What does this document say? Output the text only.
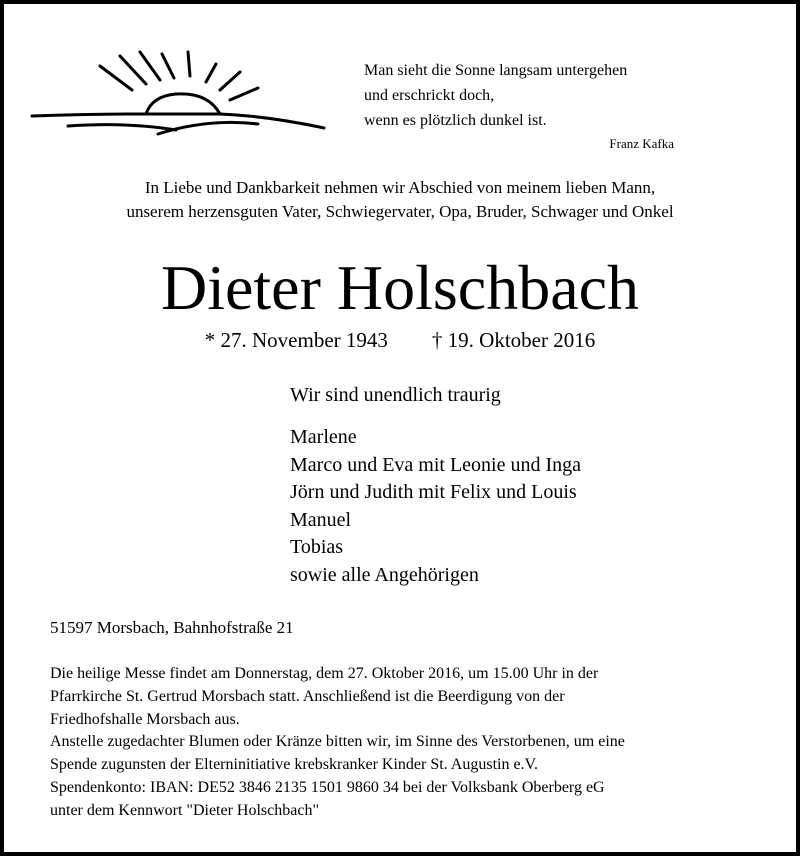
Man sieht die Sonne langsam untergehen
und erschrickt doch,
wenn es plötzlich dunkel ist.
Franz Kafka
In Liebe und Dankbarkeit nehmen wir Abschied von meinem lieben Mann,
unserem herzensguten Vater, Schwiegervater, Opa, Bruder, Schwager und Onkel
Dieter Holschbach
* 27. November 1943 † 19. Oktober 2016
Wir sind unendlich traurig
Marlene
Marco und Eva mit Leonie und Inga
Jörn und Judith mit Felix und Louis
Manuel
Tobias
sowie alle Angehörigen
51597 Morsbach, Bahnhofstraße 21
Die heilige Messe findet am Donnerstag, dem 27. Oktober 2016, um 15.00 Uhr in der
Pfarrkirche St. Gertrud Morsbach statt. Anschließend ist die Beerdigung von der
Friedhofshalle Morsbach aus.
Anstelle zugedachter Blumen oder Kränze bitten wir, im Sinne des Verstorbenen, um eine
Spende zugunsten der Elterninitiative krebskranker Kinder St. Augustin e.V.
Spendenkonto: IBAN: DE52 3846 2135 1501 9860 34 bei der Volksbank Oberberg eG
unter dem Kennwort "Dieter Holschbach"
